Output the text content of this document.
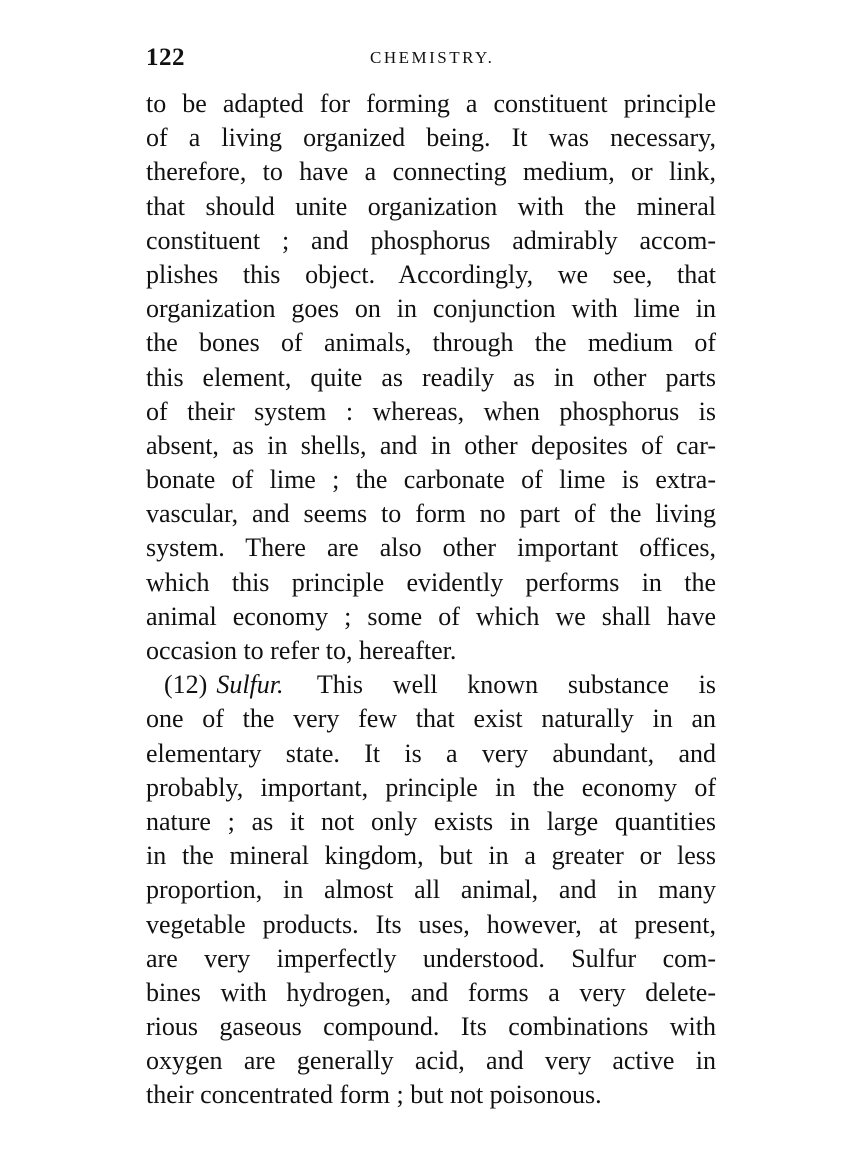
122	CHEMISTRY.
to be adapted for forming a constituent principle
of a living organized being. It was necessary,
therefore, to have a connecting medium, or link,
that should unite organization with the mineral
constituent ; and phosphorus admirably accom-
plishes this object. Accordingly, we see, that
organization goes on in conjunction with lime in
the bones of animals, through the medium of
this element, quite as readily as in other parts
of their system : whereas, when phosphorus is
absent, as in shells, and in other deposites of car-
bonate of lime ; the carbonate of lime is extra-
vascular, and seems to form no part of the living
system. There are also other important offices,
which this principle evidently performs in the
animal economy ; some of which we shall have
occasion to refer to, hereafter.
(12) Sulfur. This well known substance is
one of the very few that exist naturally in an
elementary state. It is a very abundant, and
probably, important, principle in the economy of
nature ; as it not only exists in large quantities
in the mineral kingdom, but in a greater or less
proportion, in almost all animal, and in many
vegetable products. Its uses, however, at present,
are very imperfectly understood. Sulfur com-
bines with hydrogen, and forms a very delete-
rious gaseous compound. Its combinations with
oxygen are generally acid, and very active in
their concentrated form ; but not poisonous.
